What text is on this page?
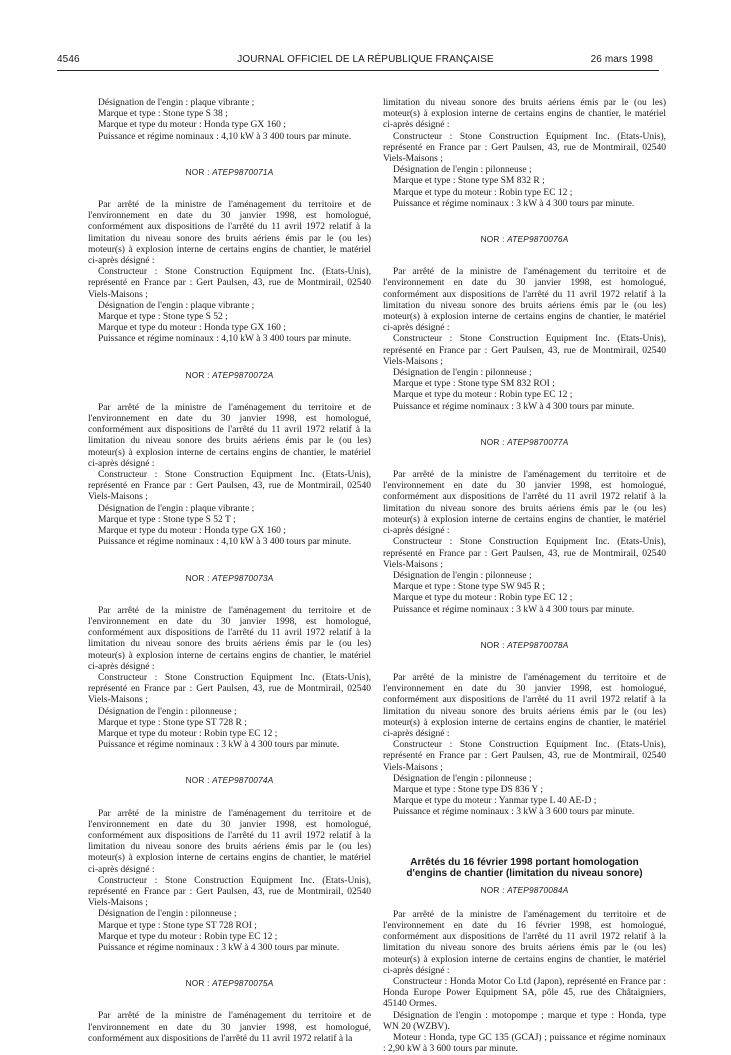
4546	JOURNAL OFFICIEL DE LA RÉPUBLIQUE FRANÇAISE	26 mars 1998

Désignation de l'engin : plaque vibrante ;

Marque et type : Stone type S 38 ;

Marque et type du moteur : Honda type GX 160 ;

Puissance et régime nominaux : 4,10 kW à 3 400 tours par minute.

NOR : ATEP9870071A

Par arrêté de la ministre de l'aménagement du territoire et de l'environnement en date du 30 janvier 1998, est homologué, conformément aux dispositions de l'arrêté du 11 avril 1972 relatif à la limitation du niveau sonore des bruits aériens émis par le (ou les) moteur(s) à explosion interne de certains engins de chantier, le matériel ci-après désigné :

Constructeur : Stone Construction Equipment Inc. (Etats-Unis), représenté en France par : Gert Paulsen, 43, rue de Montmirail, 02540 Viels-Maisons ;

Désignation de l'engin : plaque vibrante ;

Marque et type : Stone type S 52 ;

Marque et type du moteur : Honda type GX 160 ;

Puissance et régime nominaux : 4,10 kW à 3 400 tours par minute.

NOR : ATEP9870072A

Par arrêté de la ministre de l'aménagement du territoire et de l'environnement en date du 30 janvier 1998, est homologué, conformément aux dispositions de l'arrêté du 11 avril 1972 relatif à la limitation du niveau sonore des bruits aériens émis par le (ou les) moteur(s) à explosion interne de certains engins de chantier, le matériel ci-après désigné :

Constructeur : Stone Construction Equipment Inc. (Etats-Unis), représenté en France par : Gert Paulsen, 43, rue de Montmirail, 02540 Viels-Maisons ;

Désignation de l'engin : plaque vibrante ;

Marque et type : Stone type S 52 T ;

Marque et type du moteur : Honda type GX 160 ;

Puissance et régime nominaux : 4,10 kW à 3 400 tours par minute.

NOR : ATEP9870073A

Par arrêté de la ministre de l'aménagement du territoire et de l'environnement en date du 30 janvier 1998, est homologué, conformément aux dispositions de l'arrêté du 11 avril 1972 relatif à la limitation du niveau sonore des bruits aériens émis par le (ou les) moteur(s) à explosion interne de certains engins de chantier, le matériel ci-après désigné :

Constructeur : Stone Construction Equipment Inc. (Etats-Unis), représenté en France par : Gert Paulsen, 43, rue de Montmirail, 02540 Viels-Maisons ;

Désignation de l'engin : pilonneuse ;

Marque et type : Stone type ST 728 R ;

Marque et type du moteur : Robin type EC 12 ;

Puissance et régime nominaux : 3 kW à 4 300 tours par minute.

NOR : ATEP9870074A

Par arrêté de la ministre de l'aménagement du territoire et de l'environnement en date du 30 janvier 1998, est homologué, conformément aux dispositions de l'arrêté du 11 avril 1972 relatif à la limitation du niveau sonore des bruits aériens émis par le (ou les) moteur(s) à explosion interne de certains engins de chantier, le matériel ci-après désigné :

Constructeur : Stone Construction Equipment Inc. (Etats-Unis), représenté en France par : Gert Paulsen, 43, rue de Montmirail, 02540 Viels-Maisons ;

Désignation de l'engin : pilonneuse ;

Marque et type : Stone type ST 728 ROI ;

Marque et type du moteur : Robin type EC 12 ;

Puissance et régime nominaux : 3 kW à 4 300 tours par minute.

NOR : ATEP9870075A

Par arrêté de la ministre de l'aménagement du territoire et de l'environnement en date du 30 janvier 1998, est homologué, conformément aux dispositions de l'arrêté du 11 avril 1972 relatif à la

limitation du niveau sonore des bruits aériens émis par le (ou les) moteur(s) à explosion interne de certains engins de chantier, le matériel ci-après désigné :

Constructeur : Stone Construction Equipment Inc. (Etats-Unis), représenté en France par : Gert Paulsen, 43, rue de Montmirail, 02540 Viels-Maisons ;

Désignation de l'engin : pilonneuse ;

Marque et type : Stone type SM 832 R ;

Marque et type du moteur : Robin type EC 12 ;

Puissance et régime nominaux : 3 kW à 4 300 tours par minute.

NOR : ATEP9870076A

Par arrêté de la ministre de l'aménagement du territoire et de l'environnement en date du 30 janvier 1998, est homologué, conformément aux dispositions de l'arrêté du 11 avril 1972 relatif à la limitation du niveau sonore des bruits aériens émis par le (ou les) moteur(s) à explosion interne de certains engins de chantier, le matériel ci-après désigné :

Constructeur : Stone Construction Equipment Inc. (Etats-Unis), représenté en France par : Gert Paulsen, 43, rue de Montmirail, 02540 Viels-Maisons ;

Désignation de l'engin : pilonneuse ;

Marque et type : Stone type SM 832 ROI ;

Marque et type du moteur : Robin type EC 12 ;

Puissance et régime nominaux : 3 kW à 4 300 tours par minute.

NOR : ATEP9870077A

Par arrêté de la ministre de l'aménagement du territoire et de l'environnement en date du 30 janvier 1998, est homologué, conformément aux dispositions de l'arrêté du 11 avril 1972 relatif à la limitation du niveau sonore des bruits aériens émis par le (ou les) moteur(s) à explosion interne de certains engins de chantier, le matériel ci-après désigné :

Constructeur : Stone Construction Equipment Inc. (Etats-Unis), représenté en France par : Gert Paulsen, 43, rue de Montmirail, 02540 Viels-Maisons ;

Désignation de l'engin : pilonneuse ;

Marque et type : Stone type SW 945 R ;

Marque et type du moteur : Robin type EC 12 ;

Puissance et régime nominaux : 3 kW à 4 300 tours par minute.

NOR : ATEP9870078A

Par arrêté de la ministre de l'aménagement du territoire et de l'environnement en date du 30 janvier 1998, est homologué, conformément aux dispositions de l'arrêté du 11 avril 1972 relatif à la limitation du niveau sonore des bruits aériens émis par le (ou les) moteur(s) à explosion interne de certains engins de chantier, le matériel ci-après désigné :

Constructeur : Stone Construction Equipment Inc. (Etats-Unis), représenté en France par : Gert Paulsen, 43, rue de Montmirail, 02540 Viels-Maisons ;

Désignation de l'engin : pilonneuse ;

Marque et type : Stone type DS 836 Y ;

Marque et type du moteur : Yanmar type L 40 AE-D ;

Puissance et régime nominaux : 3 kW à 3 600 tours par minute.

Arrêtés du 16 février 1998 portant homologation d'engins de chantier (limitation du niveau sonore)

NOR : ATEP9870084A

Par arrêté de la ministre de l'aménagement du territoire et de l'environnement en date du 16 février 1998, est homologué, conformément aux dispositions de l'arrêté du 11 avril 1972 relatif à la limitation du niveau sonore des bruits aériens émis par le (ou les) moteur(s) à explosion interne de certains engins de chantier, le matériel ci-après désigné :

Constructeur : Honda Motor Co Ltd (Japon), représenté en France par : Honda Europe Power Equipment SA, pôle 45, rue des Châtaigniers, 45140 Ormes.

Désignation de l'engin : motopompe ; marque et type : Honda, type WN 20 (WZBV).

Moteur : Honda, type GC 135 (GCAJ) ; puissance et régime nominaux : 2,90 kW à 3 600 tours par minute.
